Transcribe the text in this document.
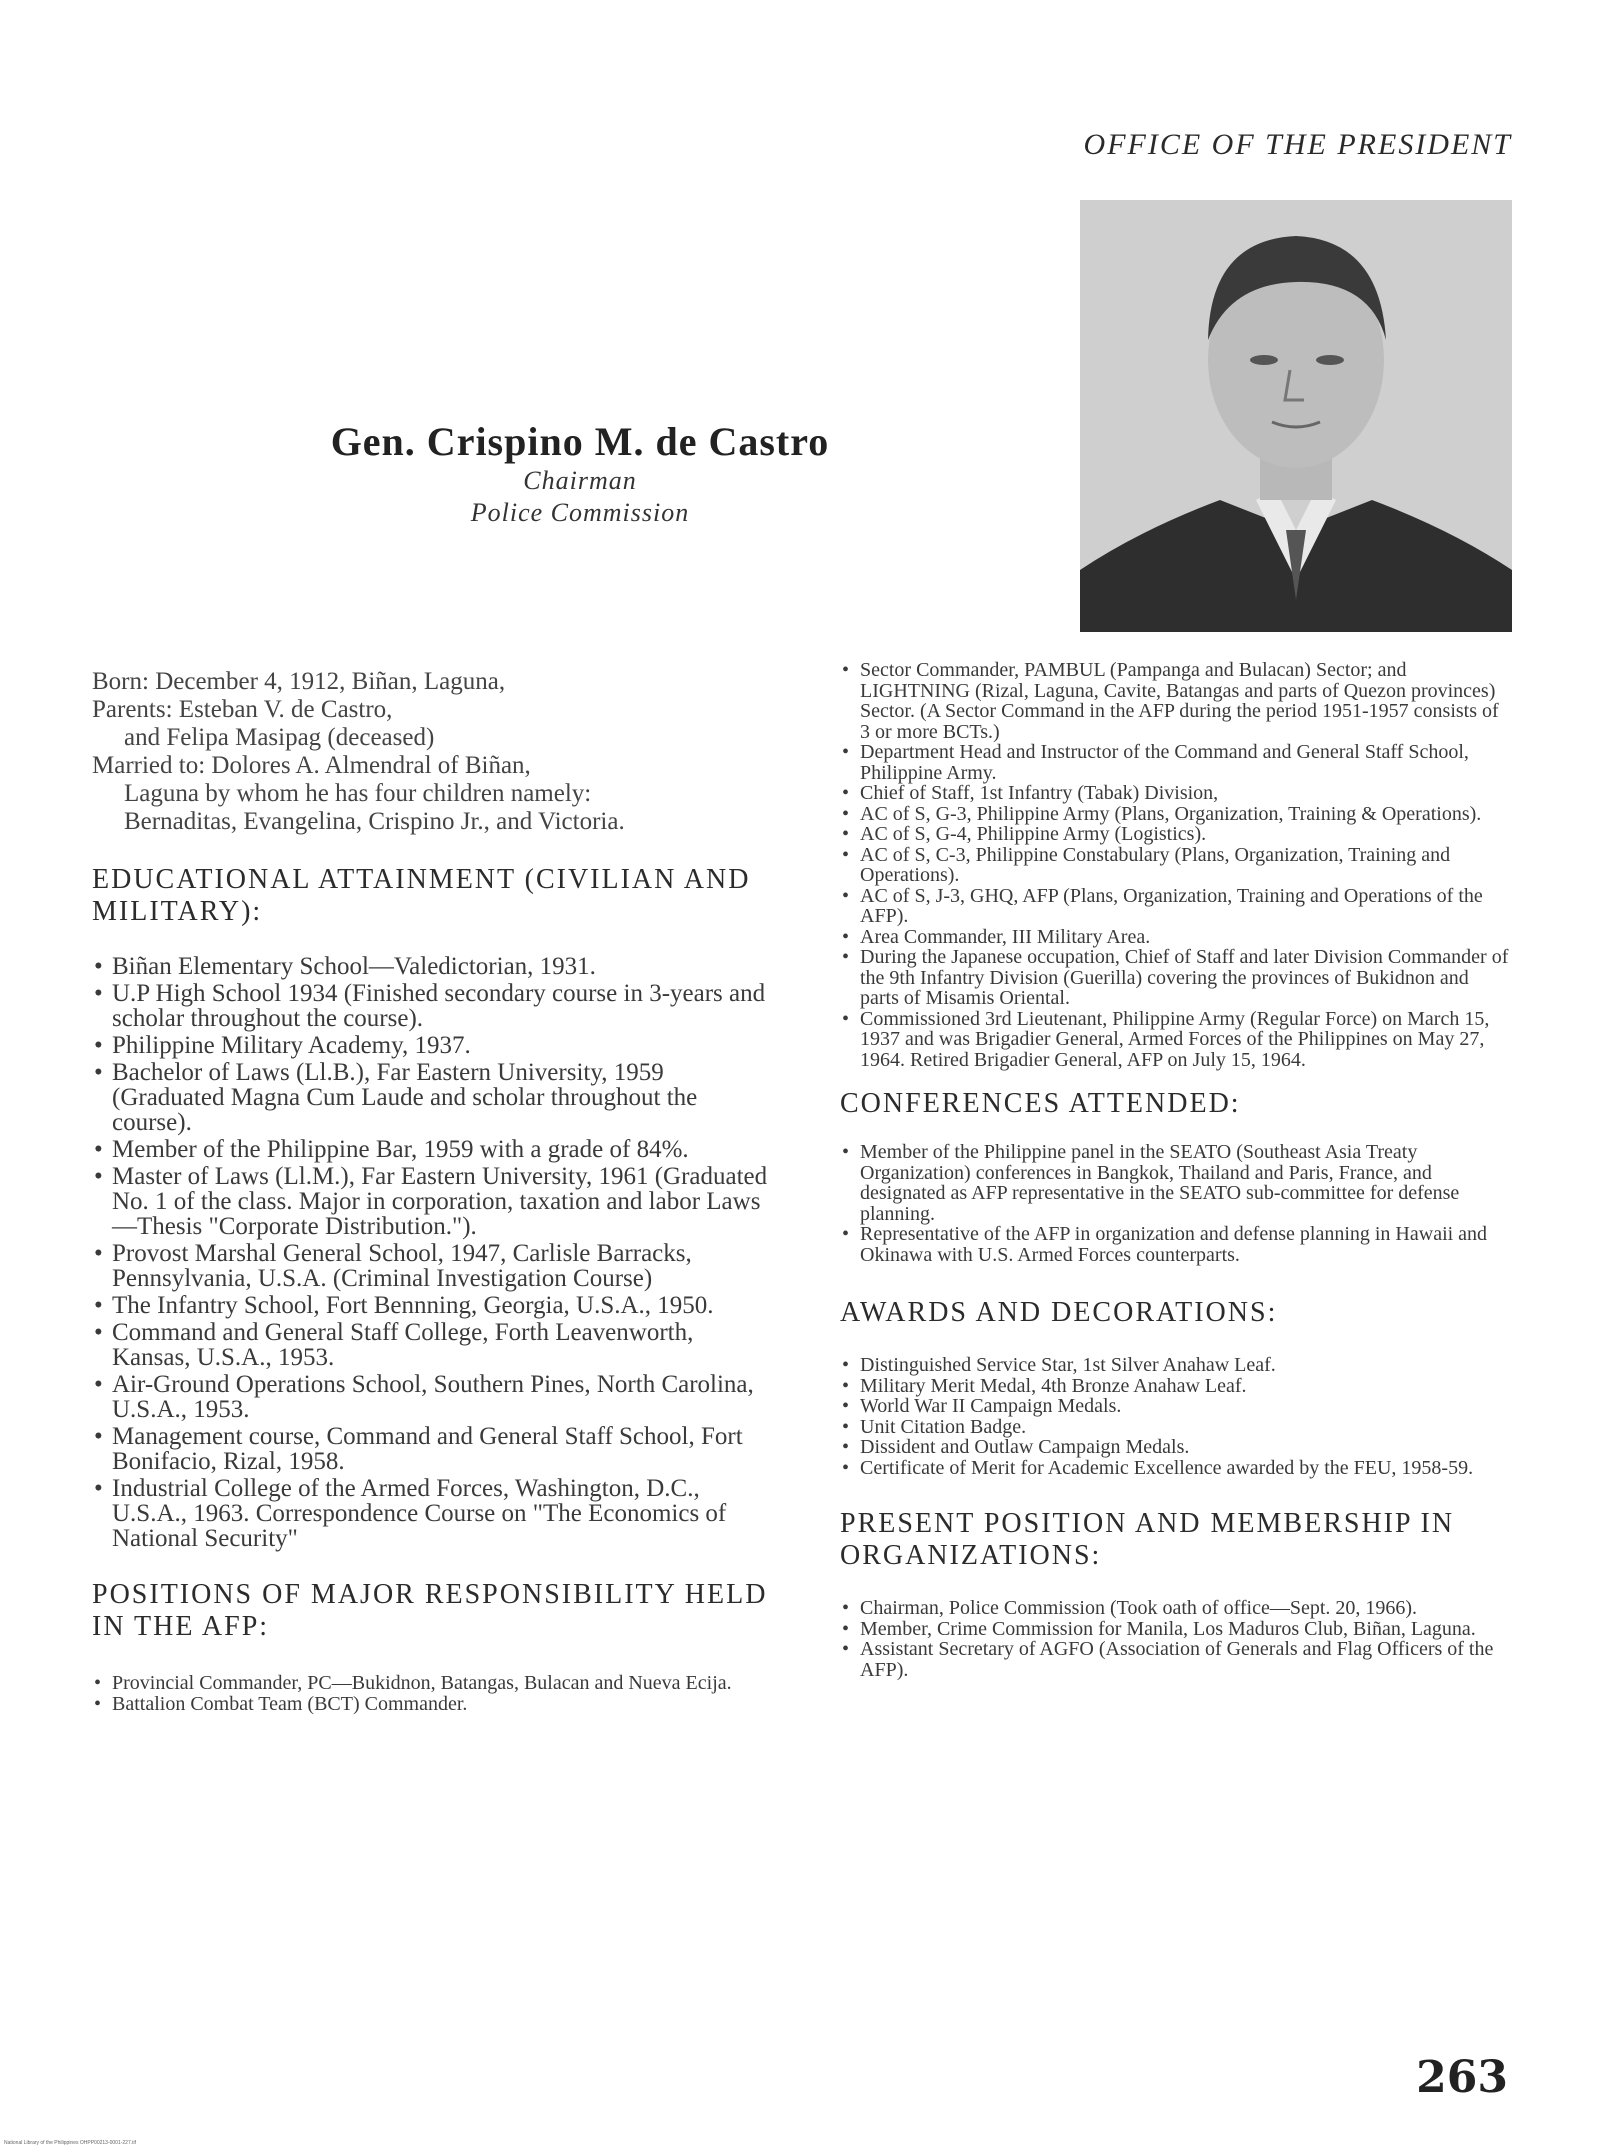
OFFICE OF THE PRESIDENT
Gen. Crispino M. de Castro
Chairman
Police Commission

Born: December 4, 1912, Biñan, Laguna,

Parents: Esteban V. de Castro,

and Felipa Masipag (deceased)

Married to: Dolores A. Almendral of Biñan,

Laguna by whom he has four children namely:

Bernaditas, Evangelina, Crispino Jr., and Victoria.

EDUCATIONAL ATTAINMENT (CIVILIAN AND MILITARY):
• Biñan Elementary School—Valedictorian, 1931.
• U.P High School 1934 (Finished secondary course in 3-years and scholar throughout the course).
• Philippine Military Academy, 1937.
• Bachelor of Laws (Ll.B.), Far Eastern University, 1959 (Graduated Magna Cum Laude and scholar throughout the course).
• Member of the Philippine Bar, 1959 with a grade of 84%.
• Master of Laws (Ll.M.), Far Eastern University, 1961 (Graduated No. 1 of the class. Major in corporation, taxation and labor Laws—Thesis "Corporate Distribution.").
• Provost Marshal General School, 1947, Carlisle Barracks, Pennsylvania, U.S.A. (Criminal Investigation Course)
• The Infantry School, Fort Bennning, Georgia, U.S.A., 1950.
• Command and General Staff College, Forth Leavenworth, Kansas, U.S.A., 1953.
• Air-Ground Operations School, Southern Pines, North Carolina, U.S.A., 1953.
• Management course, Command and General Staff School, Fort Bonifacio, Rizal, 1958.
• Industrial College of the Armed Forces, Washington, D.C., U.S.A., 1963. Correspondence Course on "The Economics of National Security"
POSITIONS OF MAJOR RESPONSIBILITY HELD IN THE AFP:
• Provincial Commander, PC—Bukidnon, Batangas, Bulacan and Nueva Ecija.
• Battalion Combat Team (BCT) Commander.
• Sector Commander, PAMBUL (Pampanga and Bulacan) Sector; and LIGHTNING (Rizal, Laguna, Cavite, Batangas and parts of Quezon provinces) Sector. (A Sector Command in the AFP during the period 1951-1957 consists of 3 or more BCTs.)
• Department Head and Instructor of the Command and General Staff School, Philippine Army.
• Chief of Staff, 1st Infantry (Tabak) Division,
• AC of S, G-3, Philippine Army (Plans, Organization, Training & Operations).
• AC of S, G-4, Philippine Army (Logistics).
• AC of S, C-3, Philippine Constabulary (Plans, Organization, Training and Operations).
• AC of S, J-3, GHQ, AFP (Plans, Organization, Training and Operations of the AFP).
• Area Commander, III Military Area.
• During the Japanese occupation, Chief of Staff and later Division Commander of the 9th Infantry Division (Guerilla) covering the provinces of Bukidnon and parts of Misamis Oriental.
• Commissioned 3rd Lieutenant, Philippine Army (Regular Force) on March 15, 1937 and was Brigadier General, Armed Forces of the Philippines on May 27, 1964. Retired Brigadier General, AFP on July 15, 1964.
CONFERENCES ATTENDED:
• Member of the Philippine panel in the SEATO (Southeast Asia Treaty Organization) conferences in Bangkok, Thailand and Paris, France, and designated as AFP representative in the SEATO sub-committee for defense planning.
• Representative of the AFP in organization and defense planning in Hawaii and Okinawa with U.S. Armed Forces counterparts.
AWARDS AND DECORATIONS:
• Distinguished Service Star, 1st Silver Anahaw Leaf.
• Military Merit Medal, 4th Bronze Anahaw Leaf.
• World War II Campaign Medals.
• Unit Citation Badge.
• Dissident and Outlaw Campaign Medals.
• Certificate of Merit for Academic Excellence awarded by the FEU, 1958-59.
PRESENT POSITION AND MEMBERSHIP IN ORGANIZATIONS:
• Chairman, Police Commission (Took oath of office—Sept. 20, 1966).
• Member, Crime Commission for Manila, Los Maduros Club, Biñan, Laguna.
• Assistant Secretary of AGFO (Association of Generals and Flag Officers of the AFP).
263
National Library of the Philippines OHPP00213-0001-227.tif
